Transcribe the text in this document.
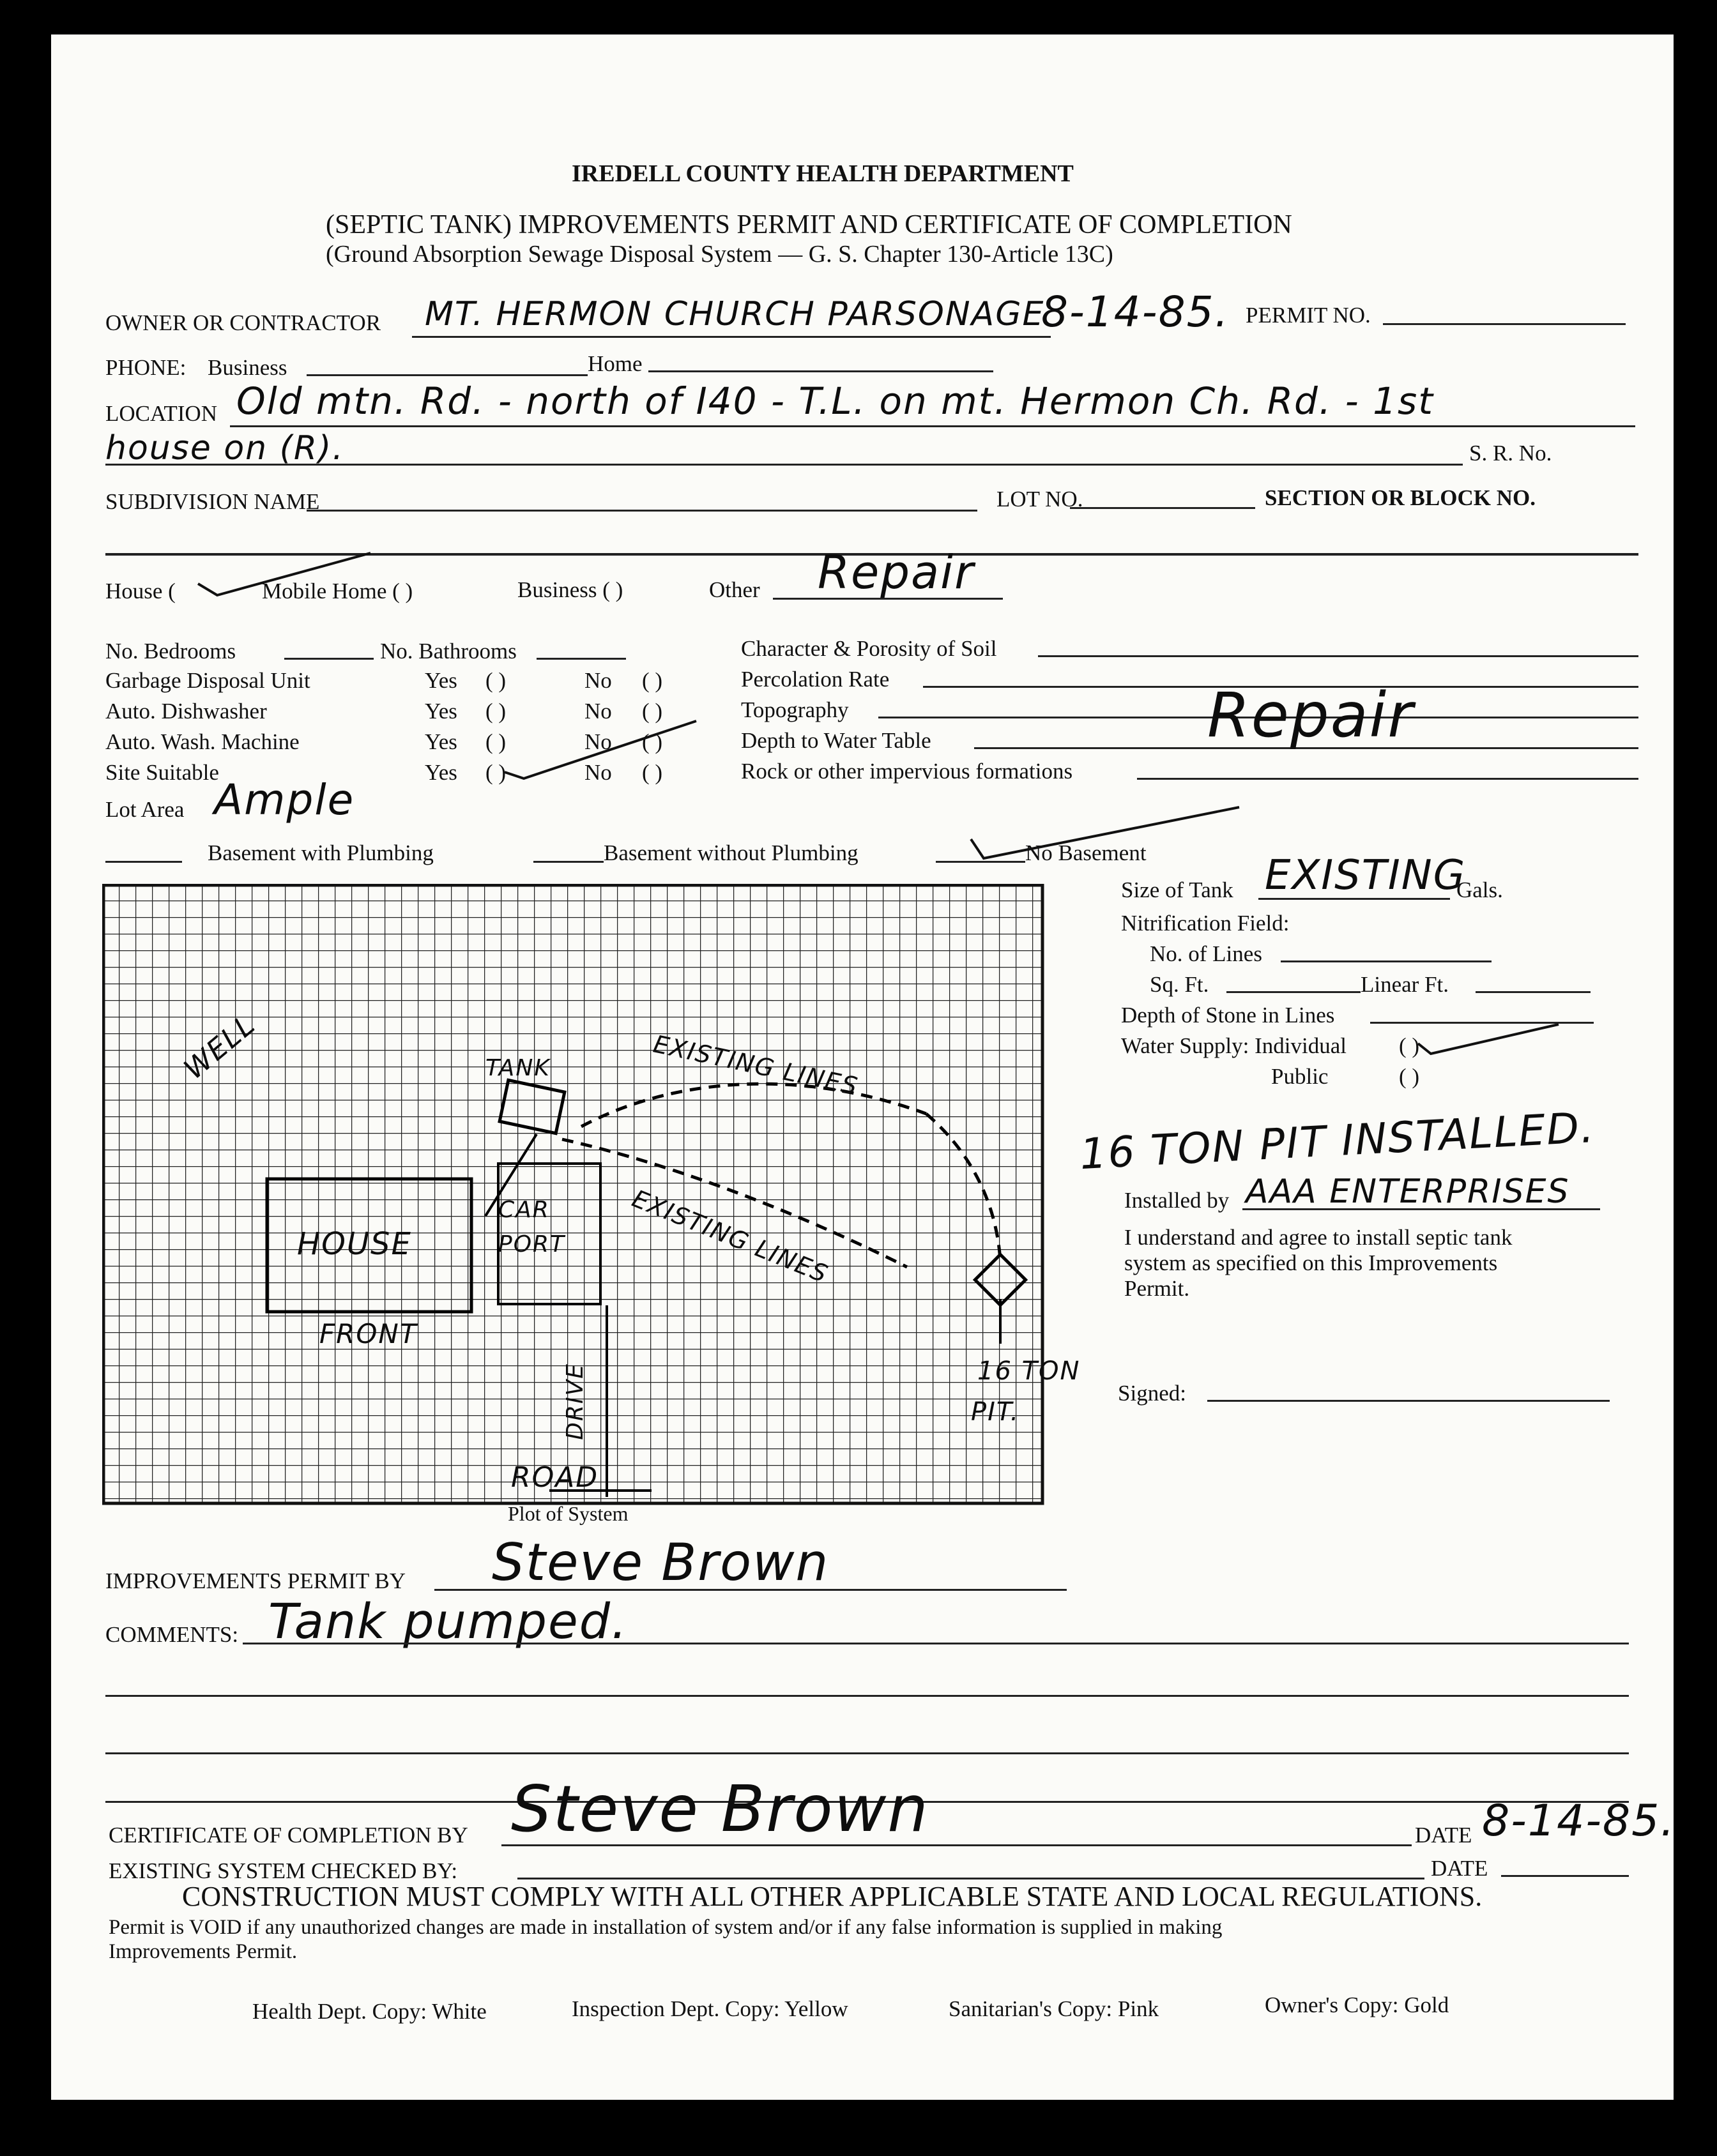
IREDELL COUNTY HEALTH DEPARTMENT
(SEPTIC TANK) IMPROVEMENTS PERMIT AND CERTIFICATE OF COMPLETION
(Ground Absorption Sewage Disposal System — G. S. Chapter 130-Article 13C)
OWNER OR CONTRACTOR MT. HERMON CHURCH PARSONAGE
8-14-85. PERMIT NO.
PHONE: Business	Home
LOCATION Old mtn. Rd. - north of I40 - T.L. on mt. Hermon Ch. Rd. - 1st
house on (R).	S. R. No.
SUBDIVISION NAME	LOT NO.	SECTION OR BLOCK NO.
House (	Mobile Home ( )	Business ( )	Other Repair
No. Bedrooms	No. Bathrooms
Garbage Disposal Unit	Yes ( )	No ( )
Auto. Dishwasher	Yes ( )	No ( )
Auto. Wash. Machine	Yes ( )	No ( )
Site Suitable	Yes ( )	No ( )
Character & Porosity of Soil
Percolation Rate
Topography
Depth to Water Table
Rock or other impervious formations
Repair
Lot Area Ample
Basement with Plumbing	Basement without Plumbing	No Basement
WELL	TANK
HOUSE
FRONT
CAR
PORT
DRIVE
ROAD
EXISTING LINES
EXISTING LINES
16 TON
PIT.
Plot of System
Size of Tank EXISTING
Gals.
Nitrification Field:
No. of Lines
Sq. Ft.	Linear Ft.
Depth of Stone in Lines
Water Supply: Individual ( )
Public	( )
16 TON PIT INSTALLED.
Installed by AAA ENTERPRISES
I understand and agree to install septic tank
system as specified on this Improvements
Permit.
Signed:
IMPROVEMENTS PERMIT BY Steve Brown
COMMENTS: Tank pumped.
CERTIFICATE OF COMPLETION BY Steve Brown	DATE 8-14-85.
EXISTING SYSTEM CHECKED BY:	DATE
CONSTRUCTION MUST COMPLY WITH ALL OTHER APPLICABLE STATE AND LOCAL REGULATIONS.
Permit is VOID if any unauthorized changes are made in installation of system and/or if any false information is supplied in making
Improvements Permit.
Health Dept. Copy: White	Inspection Dept. Copy: Yellow	Sanitarian's Copy: Pink	Owner's Copy: Gold
